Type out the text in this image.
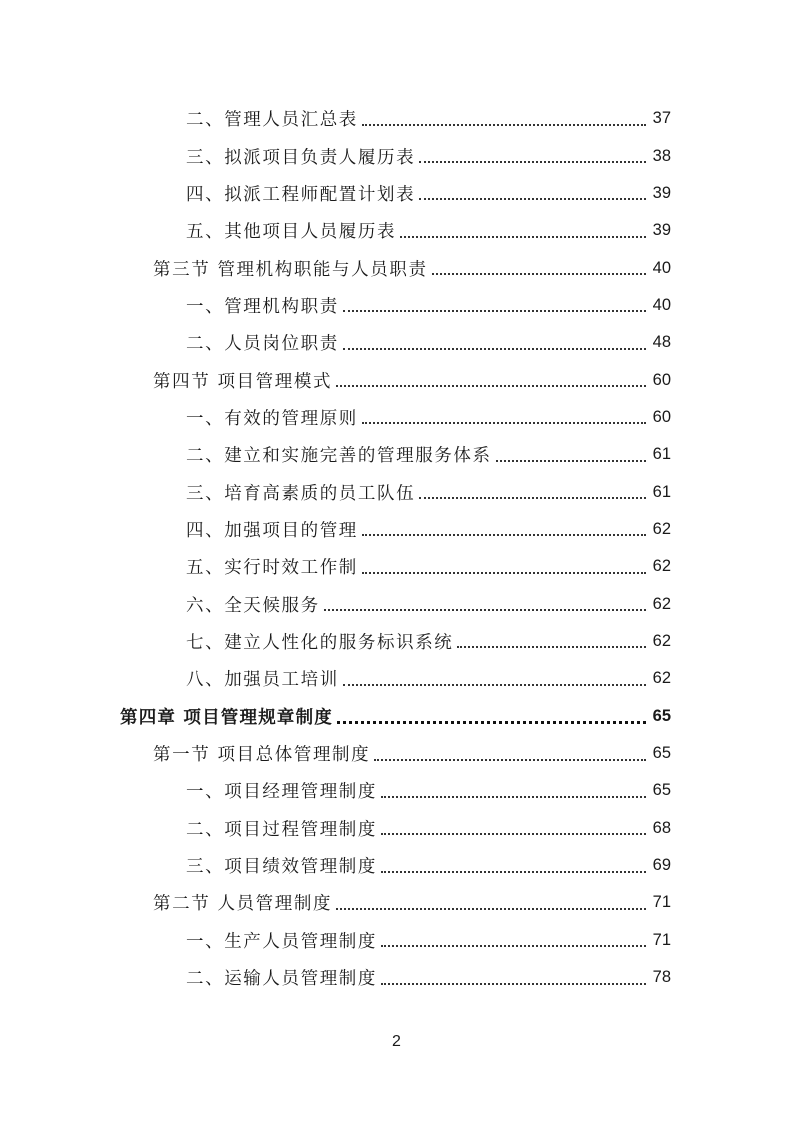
二、管理人员汇总表	37
三、拟派项目负责人履历表	38
四、拟派工程师配置计划表	39
五、其他项目人员履历表	39
第三节 管理机构职能与人员职责	40
一、管理机构职责	40
二、人员岗位职责	48
第四节 项目管理模式	60
一、有效的管理原则	60
二、建立和实施完善的管理服务体系	61
三、培育高素质的员工队伍	61
四、加强项目的管理	62
五、实行时效工作制	62
六、全天候服务	62
七、建立人性化的服务标识系统	62
八、加强员工培训	62
第四章 项目管理规章制度	65
第一节 项目总体管理制度	65
一、项目经理管理制度	65
二、项目过程管理制度	68
三、项目绩效管理制度	69
第二节 人员管理制度	71
一、生产人员管理制度	71
二、运输人员管理制度	78
2
